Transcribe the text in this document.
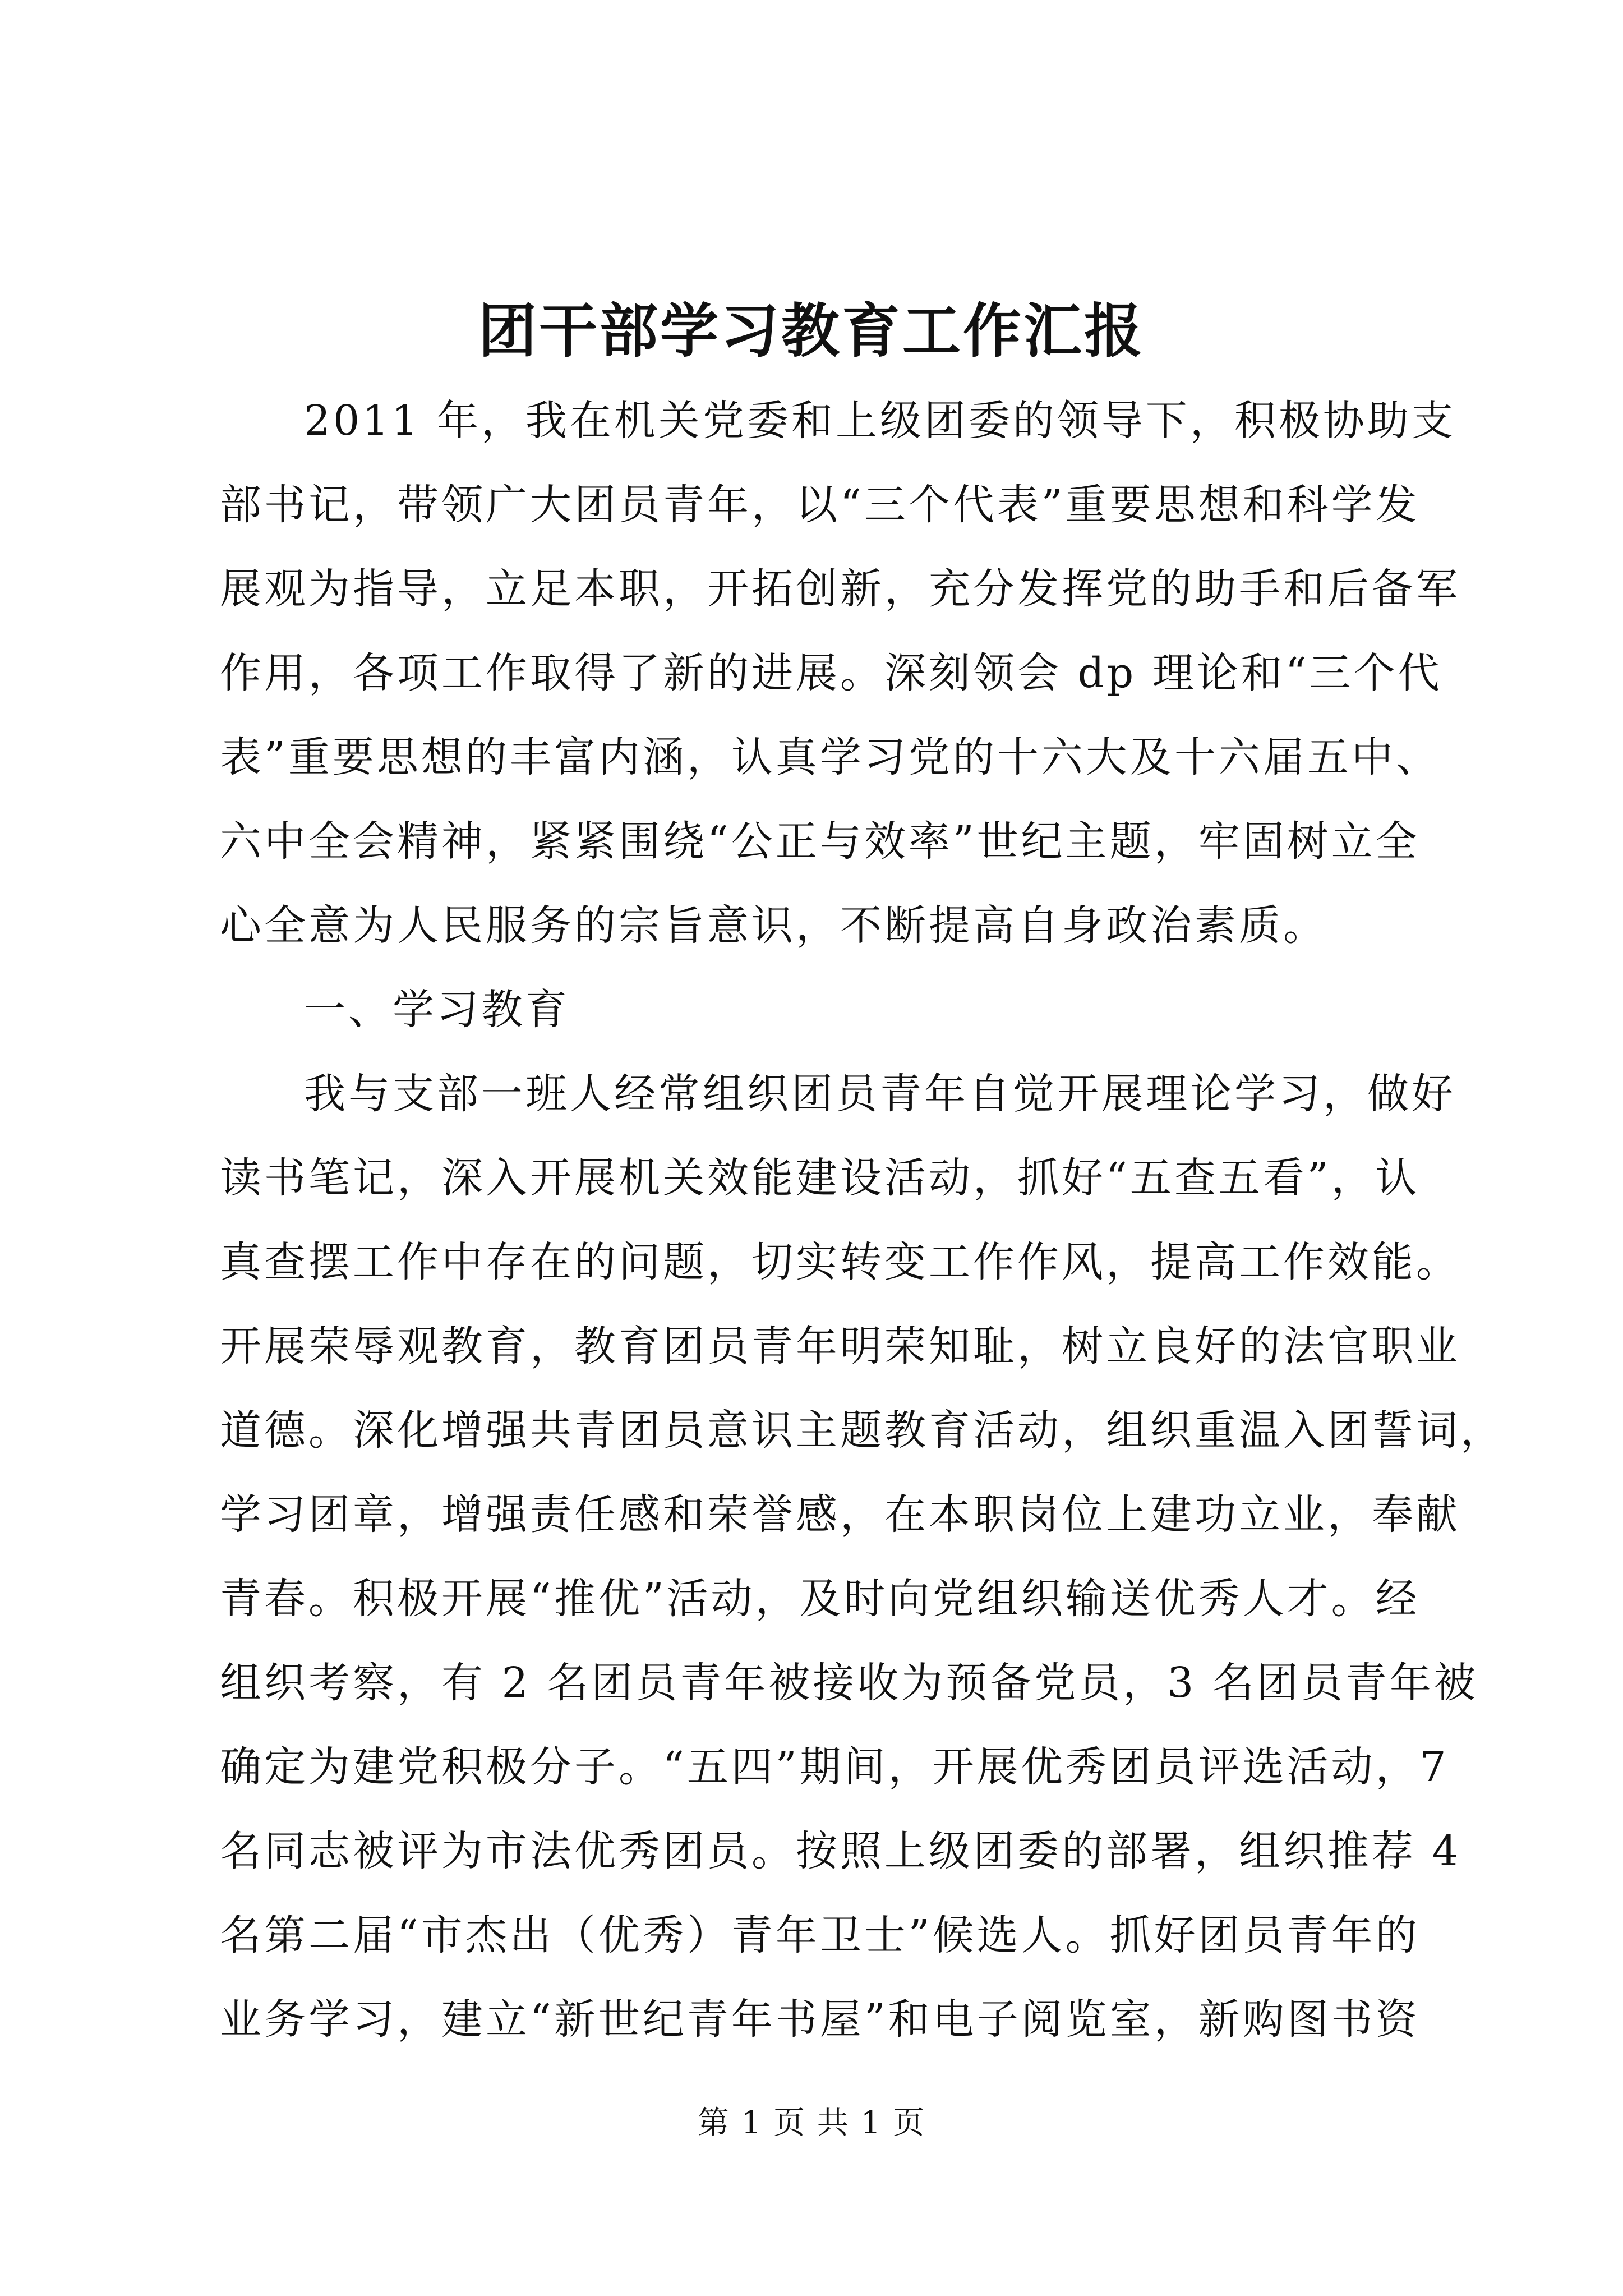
团干部学习教育工作汇报
2011 年，我在机关党委和上级团委的领导下，积极协助支
部书记，带领广大团员青年，以“三个代表”重要思想和科学发
展观为指导，立足本职，开拓创新，充分发挥党的助手和后备军
作用，各项工作取得了新的进展。深刻领会 dp 理论和“三个代
表”重要思想的丰富内涵，认真学习党的十六大及十六届五中、
六中全会精神，紧紧围绕“公正与效率”世纪主题，牢固树立全
心全意为人民服务的宗旨意识，不断提高自身政治素质。
一、学习教育
我与支部一班人经常组织团员青年自觉开展理论学习，做好
读书笔记，深入开展机关效能建设活动，抓好“五查五看”，认
真查摆工作中存在的问题，切实转变工作作风，提高工作效能。
开展荣辱观教育，教育团员青年明荣知耻，树立良好的法官职业
道德。深化增强共青团员意识主题教育活动，组织重温入团誓词，
学习团章，增强责任感和荣誉感，在本职岗位上建功立业，奉献
青春。积极开展“推优”活动，及时向党组织输送优秀人才。经
组织考察，有 2 名团员青年被接收为预备党员，3 名团员青年被
确定为建党积极分子。“五四”期间，开展优秀团员评选活动，7
名同志被评为市法优秀团员。按照上级团委的部署，组织推荐 4
名第二届“市杰出（优秀）青年卫士”候选人。抓好团员青年的
业务学习，建立“新世纪青年书屋”和电子阅览室，新购图书资
第 1 页 共 1 页
